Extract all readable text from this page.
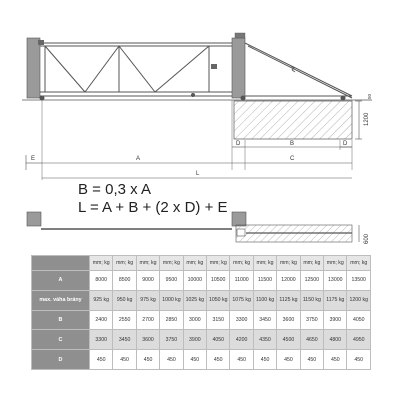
1200
50
D	B	D
E	A	C
L
600
B = 0,3 x A
L = A + B + (2 x D) + E
	mm; kg	mm; kg	mm; kg	mm; kg	mm; kg	mm; kg	mm; kg	mm; kg	mm; kg	mm; kg	mm; kg	mm; kg
A	8000	8500	9000	9500	10000	10500	11000	11500	12000	12500	13000	13500
max. váha brány	925 kg	950 kg	975 kg	1000 kg	1025 kg	1050 kg	1075 kg	1100 kg	1125 kg	1150 kg	1175 kg	1200 kg
B	2400	2550	2700	2850	3000	3150	3300	3450	3600	3750	3900	4050
C	3300	3450	3600	3750	3900	4050	4200	4350	4500	4650	4800	4950
D	450	450	450	450	450	450	450	450	450	450	450	450
